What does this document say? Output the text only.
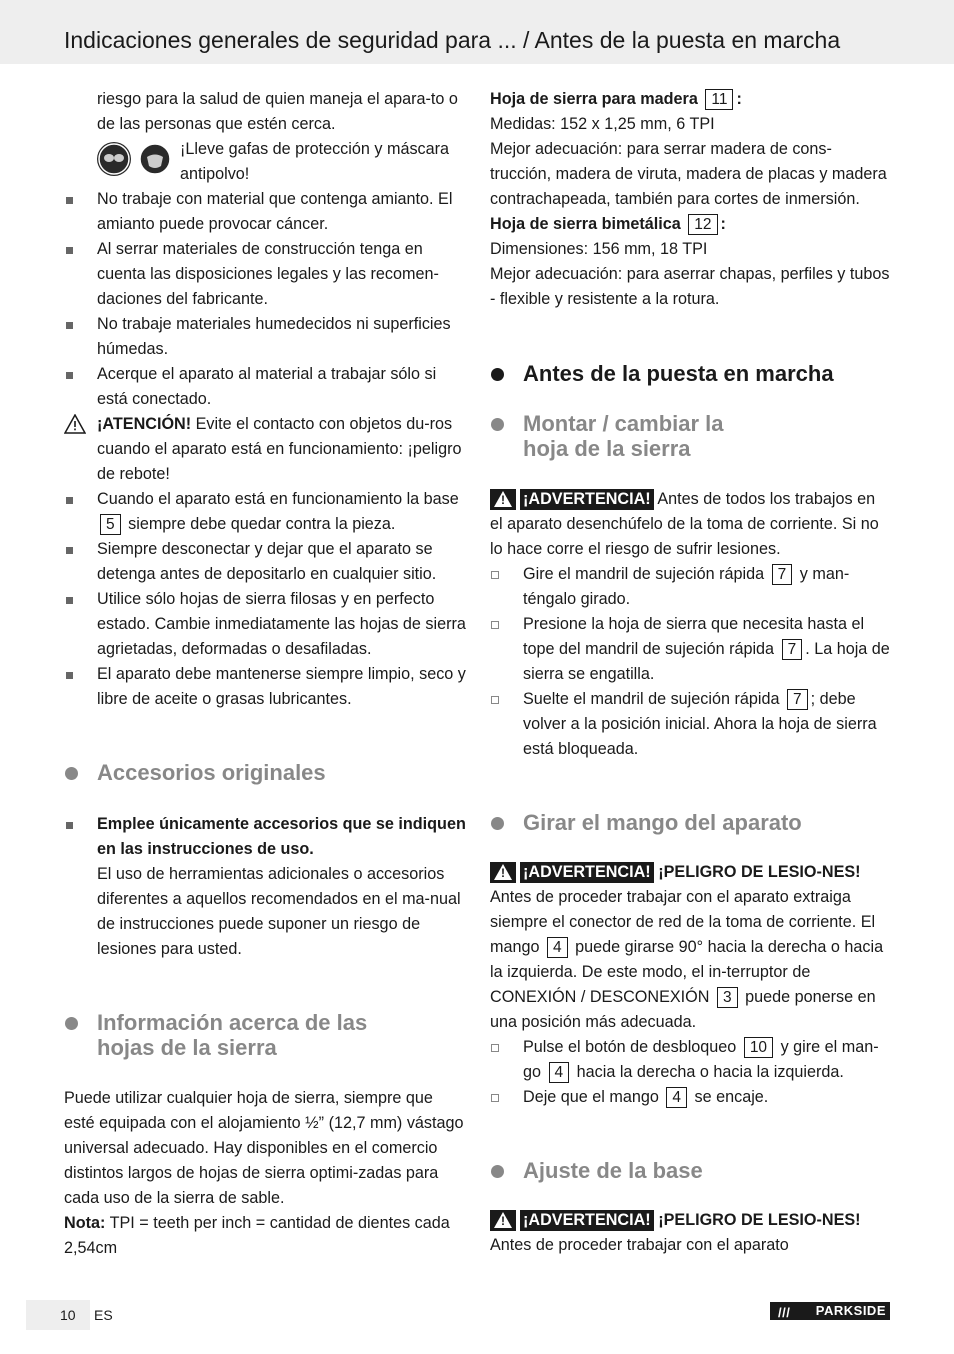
Indicaciones generales de seguridad para ... / Antes de la puesta en marcha
riesgo para la salud de quien maneja el apara-to o de las personas que estén cerca.

¡Lleve gafas de protección y máscara antipolvo!
No trabaje con material que contenga amianto. El amianto puede provocar cáncer.
Al serrar materiales de construcción tenga en cuenta las disposiciones legales y las recomen-daciones del fabricante.
No trabaje materiales humedecidos ni superficies húmedas.
Acerque el aparato al material a trabajar sólo si está conectado.
¡ATENCIÓN! Evite el contacto con objetos du-ros cuando el aparato está en funcionamiento: ¡peligro de rebote!
Cuando el aparato está en funcionamiento la base 5 siempre debe quedar contra la pieza.
Siempre desconectar y dejar que el aparato se detenga antes de depositarlo en cualquier sitio.
Utilice sólo hojas de sierra filosas y en perfecto estado. Cambie inmediatamente las hojas de sierra agrietadas, deformadas o desafiladas.
El aparato debe mantenerse siempre limpio, seco y libre de aceite o grasas lubricantes.
Accesorios originales
Emplee únicamente accesorios que se indiquen en las instrucciones de uso.
El uso de herramientas adicionales o accesorios diferentes a aquellos recomendados en el ma-nual de instrucciones puede suponer un riesgo de lesiones para usted.
Información acerca de las
hojas de la sierra
Puede utilizar cualquier hoja de sierra, siempre que esté equipada con el alojamiento ½” (12,7 mm) vástago universal adecuado. Hay disponibles en el comercio distintos largos de hojas de sierra optimi-zadas para
cada uso de la sierra de sable.
Nota: TPI = teeth per inch = cantidad de dientes cada 2,54cm
Hoja de sierra para madera 11 :
Medidas: 152 x 1,25 mm, 6 TPI
Mejor adecuación: para serrar madera de cons-trucción, madera de viruta, madera de placas y madera contrachapeada, también para cortes de inmersión.
Hoja de sierra bimetálica 12 :
Dimensiones: 156 mm, 18 TPI
Mejor adecuación: para aserrar chapas, perfiles y tubos - flexible y resistente a la rotura.
Antes de la puesta en marcha
Montar / cambiar la
hoja de la sierra
!¡ADVERTENCIA! Antes de todos los trabajos en el aparato desenchúfelo de la toma de corriente. Si no lo hace corre el riesgo de sufrir lesiones.
Gire el mandril de sujeción rápida 7 y man-téngalo girado.
Presione la hoja de sierra que necesita hasta el tope del mandril de sujeción rápida 7 . La hoja de sierra se engatilla.
Suelte el mandril de sujeción rápida 7 ; debe volver a la posición inicial. Ahora la hoja de sierra está bloqueada.
Girar el mango del aparato
!¡ADVERTENCIA! ¡PELIGRO DE LESIO-NES! Antes de proceder trabajar con el aparato extraiga siempre el conector de red de la toma de corriente. El mango 4 puede girarse 90° hacia la derecha o hacia la izquierda. De este modo, el in-terruptor de CONEXIÓN / DESCONEXIÓN 3 puede ponerse en una posición más adecuada.
Pulse el botón de desbloqueo 10 y gire el man-go 4 hacia la derecha o hacia la izquierda.
Deje que el mango 4 se encaje.
Ajuste de la base
!¡ADVERTENCIA! ¡PELIGRO DE LESIO-NES! Antes de proceder trabajar con el aparato
10 ES	/// PARKSIDE
